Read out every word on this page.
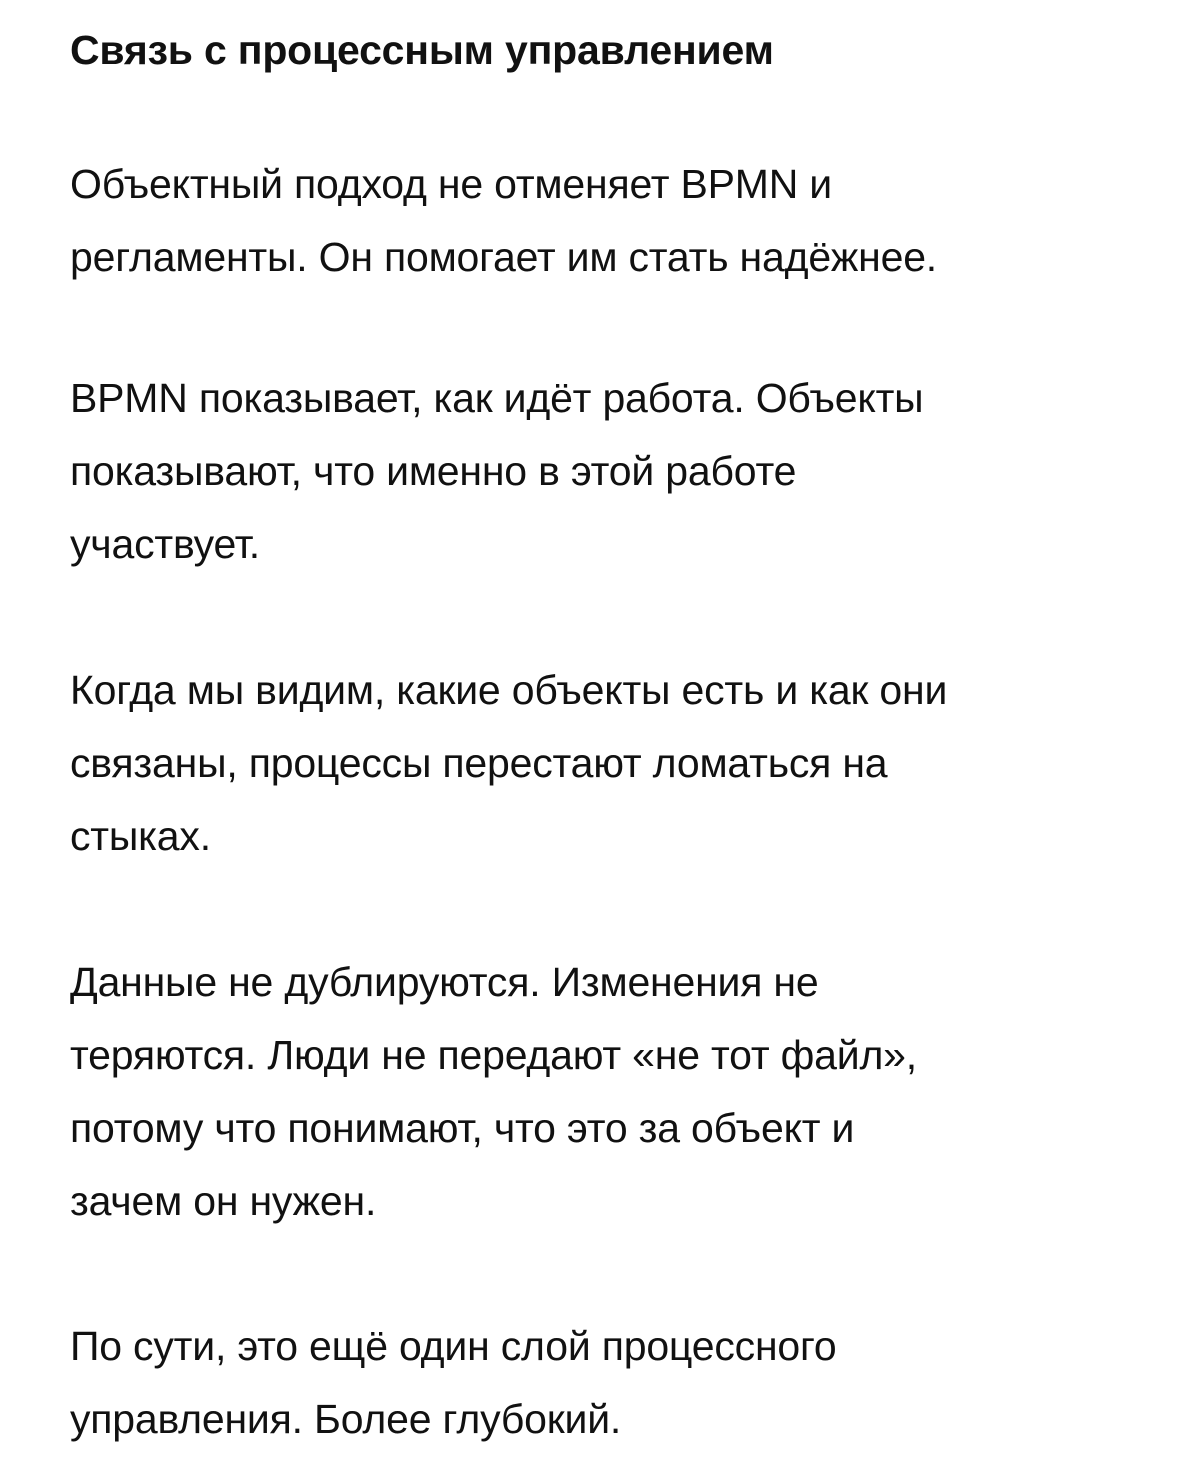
Связь с процессным управлением

Объектный подход не отменяет BPMN и
регламенты. Он помогает им стать надёжнее.

BPMN показывает, как идёт работа. Объекты
показывают, что именно в этой работе
участвует.

Когда мы видим, какие объекты есть и как они
связаны, процессы перестают ломаться на
стыках.

Данные не дублируются. Изменения не
теряются. Люди не передают «не тот файл»,
потому что понимают, что это за объект и
зачем он нужен.

По сути, это ещё один слой процессного
управления. Более глубокий.
